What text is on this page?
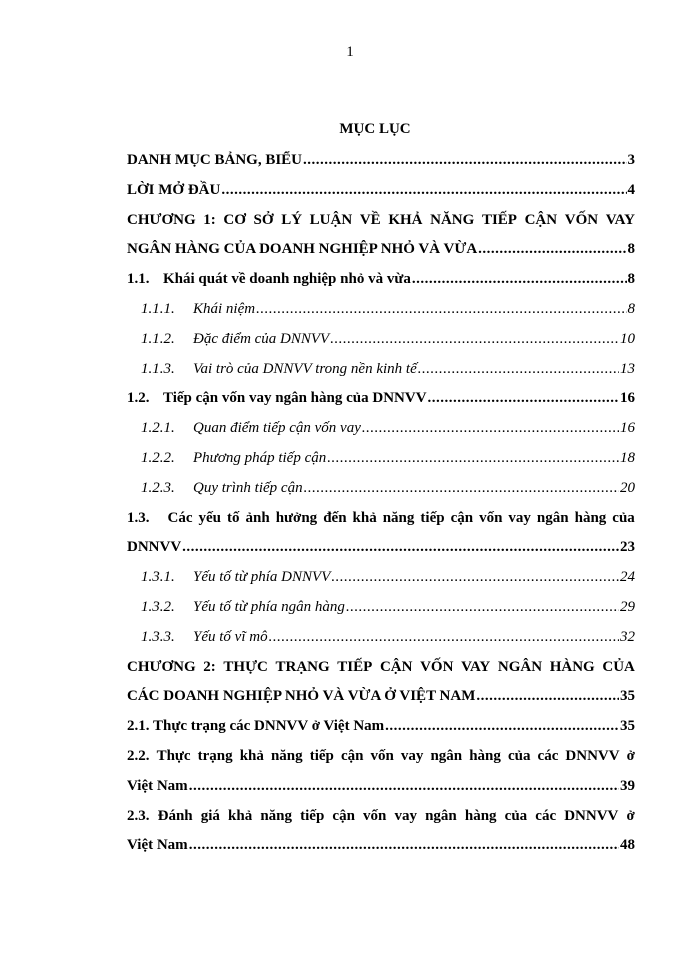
1
MỤC LỤC
DANH MỤC BẢNG, BIỂU .....	3
LỜI MỞ ĐẦU .....	4
CHƯƠNG 1: CƠ SỞ LÝ LUẬN VỀ KHẢ NĂNG TIẾP CẬN VỐN VAY
NGÂN HÀNG CỦA DOANH NGHIỆP NHỎ VÀ VỪA .....	8
1.1. Khái quát về doanh nghiệp nhỏ và vừa .....	8
1.1.1.	Khái niệm .....	8
1.1.2.	Đặc điểm của DNNVV .....	10
1.1.3.	Vai trò của DNNVV trong nền kinh tế .....	13
1.2. Tiếp cận vốn vay ngân hàng của DNNVV .....	16
1.2.1.	Quan điểm tiếp cận vốn vay .....	16
1.2.2.	Phương pháp tiếp cận .....	18
1.2.3.	Quy trình tiếp cận .....	20
1.3. Các yếu tố ảnh hưởng đến khả năng tiếp cận vốn vay ngân hàng của
DNNVV .....	23
1.3.1.	Yếu tố từ phía DNNVV .....	24
1.3.2.	Yếu tố từ phía ngân hàng .....	29
1.3.3.	Yếu tố vĩ mô .....	32
CHƯƠNG 2: THỰC TRẠNG TIẾP CẬN VỐN VAY NGÂN HÀNG CỦA
CÁC DOANH NGHIỆP NHỎ VÀ VỪA Ở VIỆT NAM .....	35
2.1. Thực trạng các DNNVV ở Việt Nam .....	35
2.2. Thực trạng khả năng tiếp cận vốn vay ngân hàng của các DNNVV ở
Việt Nam .....	39
2.3. Đánh giá khả năng tiếp cận vốn vay ngân hàng của các DNNVV ở
Việt Nam .....	48
